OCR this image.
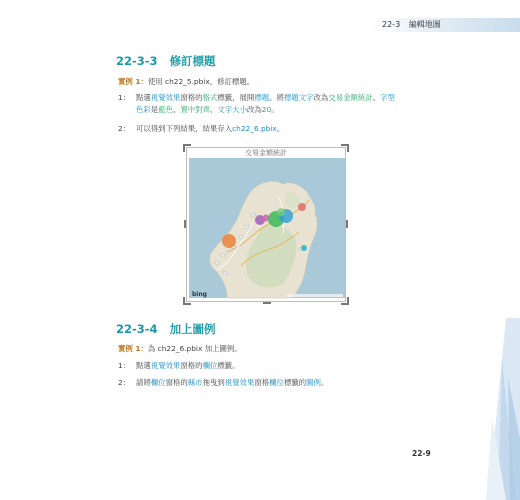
22-3 編輯地圖
22-3-3 修訂標題
實例 1：使用 ch22_5.pbix，修訂標題。
1： 點選視覺效果窗格的格式標籤，展開標題。將標題文字改為交易金額統計、字型
色彩是藍色、置中對齊、文字大小改為20。
2： 可以得到下列結果，結果存入ch22_6.pbix。
交易金額統計
bing
22-3-4 加上圖例
實例 1：為 ch22_6.pbix 加上圖例。
1： 點選視覺效果窗格的欄位標籤。
2： 請將欄位窗格的縣市拖曳到視覺效果窗格欄位標籤的圖例。
22-9
